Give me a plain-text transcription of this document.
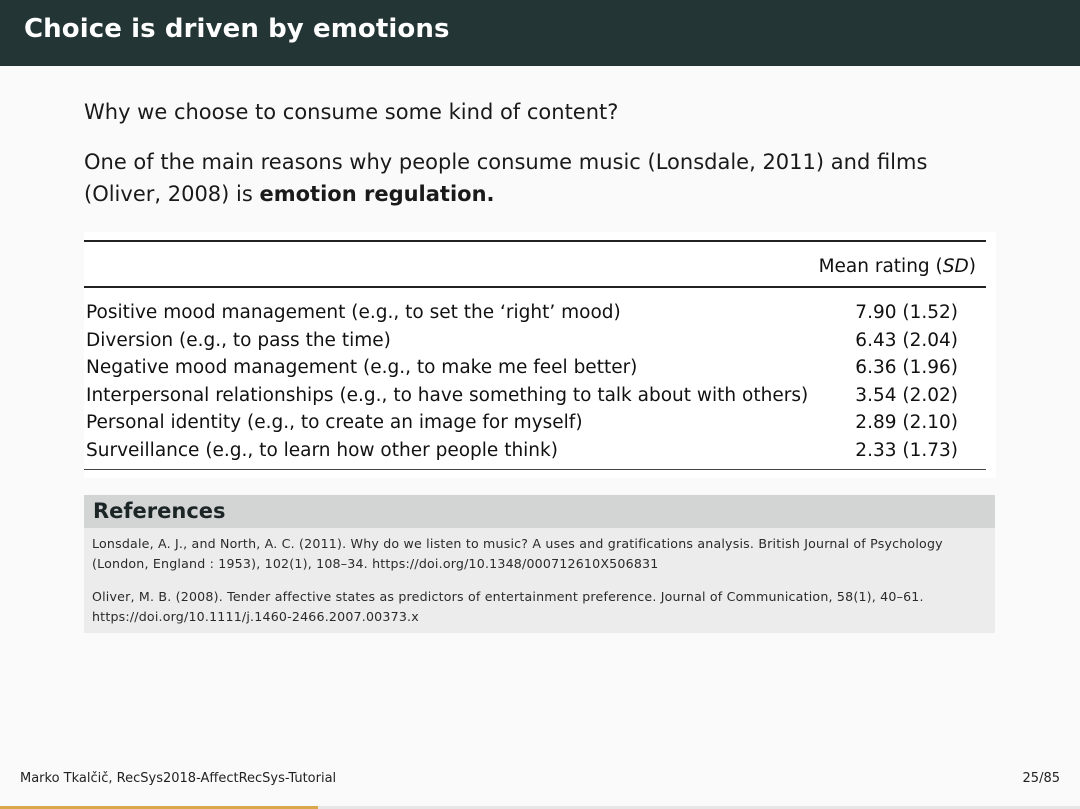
Choice is driven by emotions

Why we choose to consume some kind of content?

One of the main reasons why people consume music (Lonsdale, 2011) and films (Oliver, 2008) is emotion regulation.

	Mean rating (SD)
Positive mood management (e.g., to set the ‘right’ mood)	7.90 (1.52)
Diversion (e.g., to pass the time)	6.43 (2.04)
Negative mood management (e.g., to make me feel better)	6.36 (1.96)
Interpersonal relationships (e.g., to have something to talk about with others)	3.54 (2.02)
Personal identity (e.g., to create an image for myself)	2.89 (2.10)
Surveillance (e.g., to learn how other people think)	2.33 (1.73)
References
Lonsdale, A. J., and North, A. C. (2011). Why do we listen to music? A uses and gratifications analysis. British Journal of Psychology (London, England : 1953), 102(1), 108–34. https://doi.org/10.1348/000712610X506831
Oliver, M. B. (2008). Tender affective states as predictors of entertainment preference. Journal of Communication, 58(1), 40–61. https://doi.org/10.1111/j.1460-2466.2007.00373.x
Marko Tkalčič, RecSys2018-AffectRecSys-Tutorial	25/85
